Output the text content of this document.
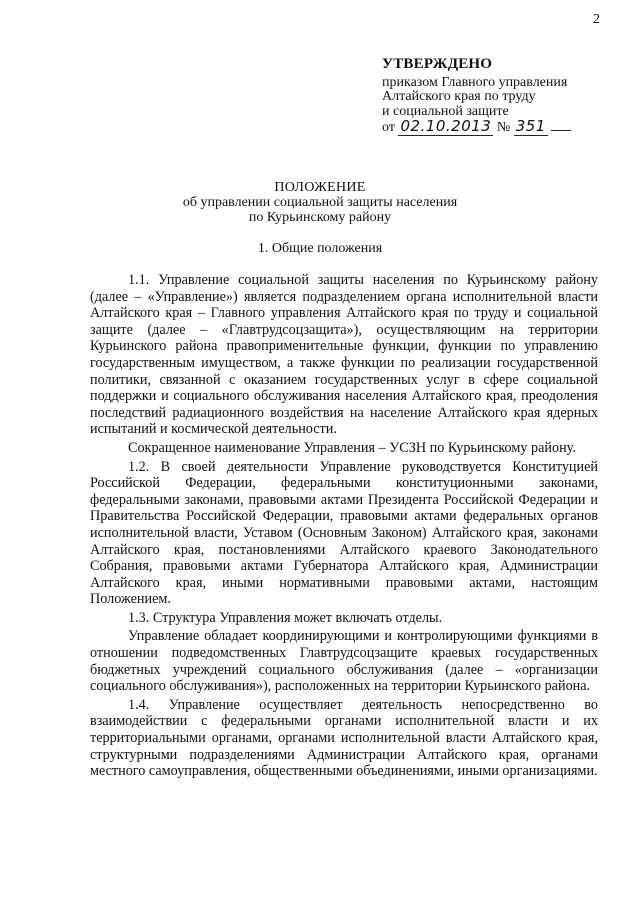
2
УТВЕРЖДЕНО
приказом Главного управления
Алтайского края по труду
и социальной защите
от 02.10.2013 № 351
ПОЛОЖЕНИЕ
об управлении социальной защиты населения
по Курьинскому району
1. Общие положения

1.1. Управление социальной защиты населения по Курьинскому району (далее – «Управление») является подразделением органа исполнительной власти Алтайского края – Главного управления Алтайского края по труду и социальной защите (далее – «Главтрудсоцзащита»), осуществляющим на территории Курьинского района правоприменительные функции, функции по управлению государственным имуществом, а также функции по реализации государственной политики, связанной с оказанием государственных услуг в сфере социальной поддержки и социального обслуживания населения Алтайского края, преодоления последствий радиационного воздействия на население Алтайского края ядерных испытаний и космической деятельности.

Сокращенное наименование Управления – УСЗН по Курьинскому району.

1.2. В своей деятельности Управление руководствуется Конституцией Российской Федерации, федеральными конституционными законами, федеральными законами, правовыми актами Президента Российской Федерации и Правительства Российской Федерации, правовыми актами федеральных органов исполнительной власти, Уставом (Основным Законом) Алтайского края, законами Алтайского края, постановлениями Алтайского краевого Законодательного Собрания, правовыми актами Губернатора Алтайского края, Администрации Алтайского края, иными нормативными правовыми актами, настоящим Положением.

1.3. Структура Управления может включать отделы.

Управление обладает координирующими и контролирующими функциями в отношении подведомственных Главтрудсоцзащите краевых государственных бюджетных учреждений социального обслуживания (далее – «организации социального обслуживания»), расположенных на территории Курьинского района.

1.4. Управление осуществляет деятельность непосредственно во взаимодействии с федеральными органами исполнительной власти и их территориальными органами, органами исполнительной власти Алтайского края, структурными подразделениями Администрации Алтайского края, органами местного самоуправления, общественными объединениями, иными организациями.
